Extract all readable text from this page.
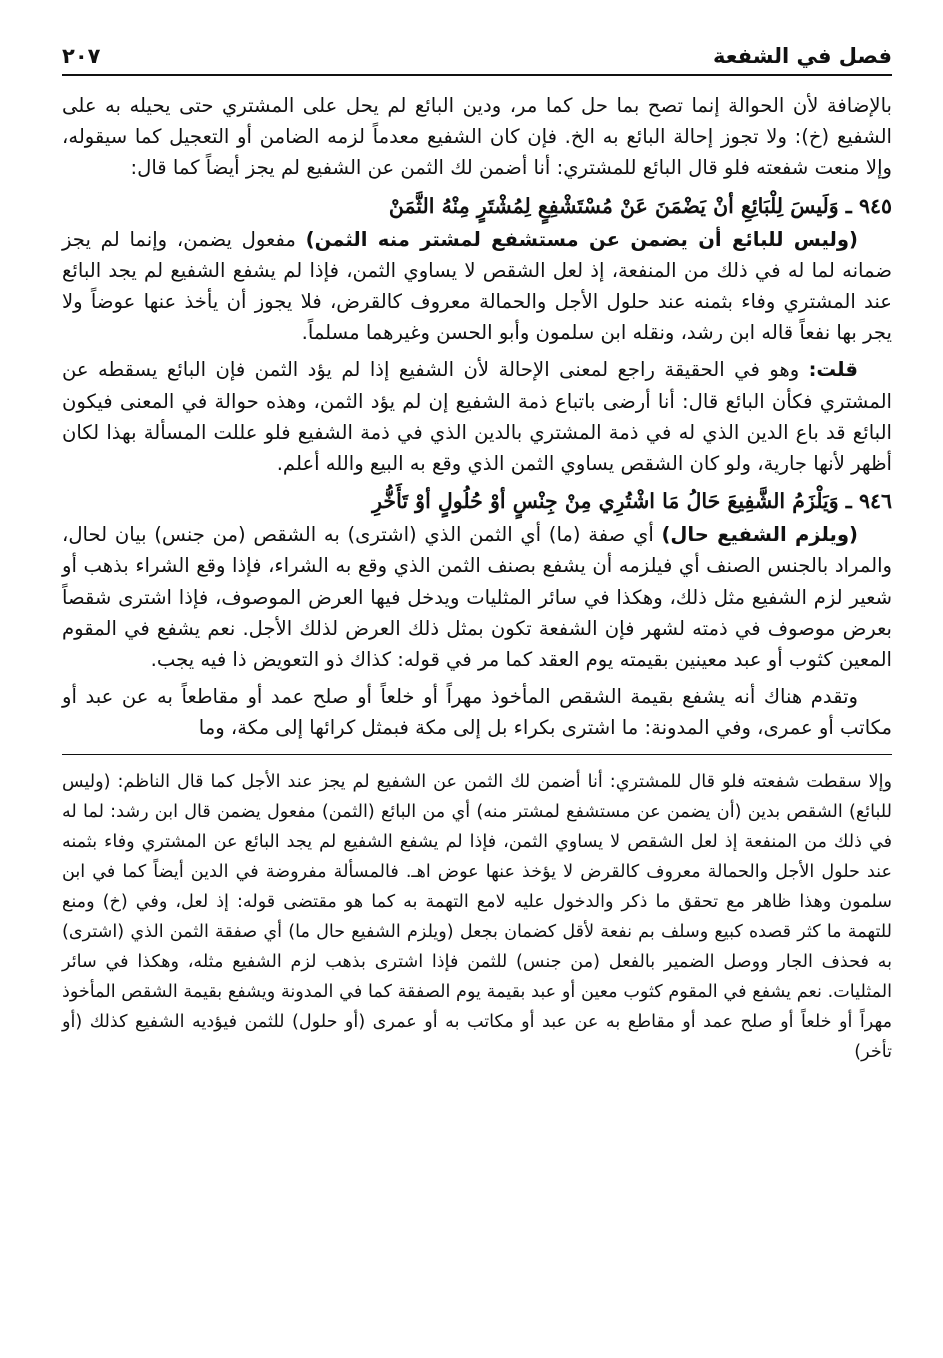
فصل في الشفعة
٢٠٧

بالإضافة لأن الحوالة إنما تصح بما حل كما مر، ودين البائع لم يحل على المشتري حتى يحيله به على الشفيع (خ): ولا تجوز إحالة البائع به الخ. فإن كان الشفيع معدماً لزمه الضامن أو التعجيل كما سيقوله، وإلا منعت شفعته فلو قال البائع للمشتري: أنا أضمن لك الثمن عن الشفيع لم يجز أيضاً كما قال:

٩٤٥ ـ وَلَيسَ لِلْبَائِعِ أنْ يَضْمَنَ عَنْ مُسْتَشْفِعٍ لِمُشْتَرٍ مِنْهُ الثَّمَنْ

(وليس للبائع أن يضمن عن مستشفع لمشتر منه الثمن) مفعول يضمن، وإنما لم يجز ضمانه لما له في ذلك من المنفعة، إذ لعل الشقص لا يساوي الثمن، فإذا لم يشفع الشفيع لم يجد البائع عند المشتري وفاء بثمنه عند حلول الأجل والحمالة معروف كالقرض، فلا يجوز أن يأخذ عنها عوضاً ولا يجر بها نفعاً قاله ابن رشد، ونقله ابن سلمون وأبو الحسن وغيرهما مسلماً.

قلت: وهو في الحقيقة راجع لمعنى الإحالة لأن الشفيع إذا لم يؤد الثمن فإن البائع يسقطه عن المشتري فكأن البائع قال: أنا أرضى باتباع ذمة الشفيع إن لم يؤد الثمن، وهذه حوالة في المعنى فيكون البائع قد باع الدين الذي له في ذمة المشتري بالدين الذي في ذمة الشفيع فلو عللت المسألة بهذا لكان أظهر لأنها جارية، ولو كان الشقص يساوي الثمن الذي وقع به البيع والله أعلم.

٩٤٦ ـ وَيَلْزَمُ الشَّفِيعَ حَالُ مَا اشْتُرِي مِنْ جِنْسٍ أوْ حُلُولٍ أوْ تَأَخُّرِ

(ويلزم الشفيع حال) أي صفة (ما) أي الثمن الذي (اشترى) به الشقص (من جنس) بيان لحال، والمراد بالجنس الصنف أي فيلزمه أن يشفع بصنف الثمن الذي وقع به الشراء، فإذا وقع الشراء بذهب أو شعير لزم الشفيع مثل ذلك، وهكذا في سائر المثليات ويدخل فيها العرض الموصوف، فإذا اشترى شقصاً بعرض موصوف في ذمته لشهر فإن الشفعة تكون بمثل ذلك العرض لذلك الأجل. نعم يشفع في المقوم المعين كثوب أو عبد معينين بقيمته يوم العقد كما مر في قوله: كذاك ذو التعويض ذا فيه يجب.

وتقدم هناك أنه يشفع بقيمة الشقص المأخوذ مهراً أو خلعاً أو صلح عمد أو مقاطعاً به عن عبد أو مكاتب أو عمرى، وفي المدونة: ما اشترى بكراء بل إلى مكة فبمثل كرائها إلى مكة، وما

وإلا سقطت شفعته فلو قال للمشتري: أنا أضمن لك الثمن عن الشفيع لم يجز عند الأجل كما قال الناظم: (وليس للبائع) الشقص بدين (أن يضمن عن مستشفع لمشتر منه) أي من البائع (الثمن) مفعول يضمن قال ابن رشد: لما له في ذلك من المنفعة إذ لعل الشقص لا يساوي الثمن، فإذا لم يشفع الشفيع لم يجد البائع عن المشتري وفاء بثمنه عند حلول الأجل والحمالة معروف كالقرض لا يؤخذ عنها عوض اهـ. فالمسألة مفروضة في الدين أيضاً كما في ابن سلمون وهذا ظاهر مع تحقق ما ذكر والدخول عليه لامع التهمة به كما هو مقتضى قوله: إذ لعل، وفي (خ) ومنع للتهمة ما كثر قصده كبيع وسلف بم نفعة لأقل كضمان بجعل (ويلزم الشفيع حال ما) أي صفقة الثمن الذي (اشترى) به فحذف الجار ووصل الضمير بالفعل (من جنس) للثمن فإذا اشترى بذهب لزم الشفيع مثله، وهكذا في سائر المثليات. نعم يشفع في المقوم كثوب معين أو عبد بقيمة يوم الصفقة كما في المدونة ويشفع بقيمة الشقص المأخوذ مهراً أو خلعاً أو صلح عمد أو مقاطع به عن عبد أو مكاتب به أو عمرى (أو حلول) للثمن فيؤديه الشفيع كذلك (أو تأخر)
